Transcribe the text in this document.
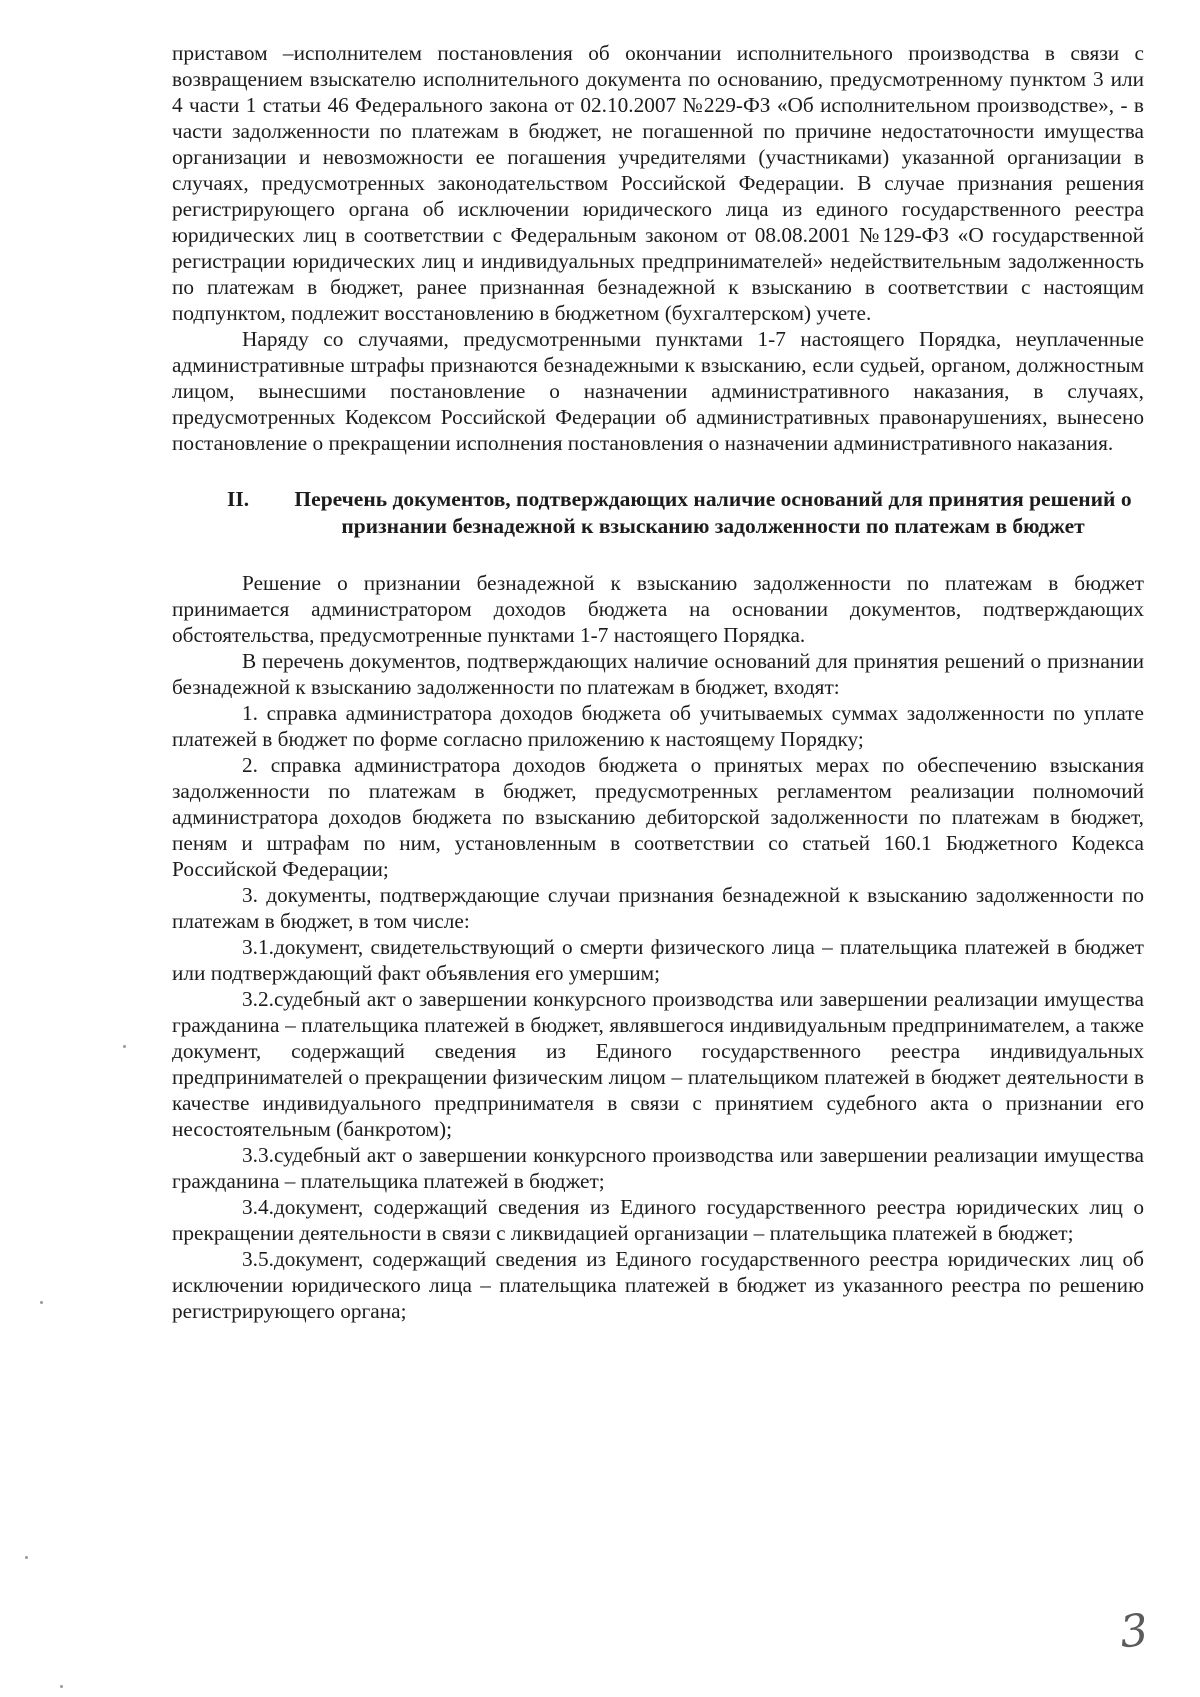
приставом –исполнителем постановления об окончании исполнительного производства в связи с возвращением взыскателю исполнительного документа по основанию, предусмотренному пунктом 3 или 4 части 1 статьи 46 Федерального закона от 02.10.2007 №229-ФЗ «Об исполнительном производстве», - в части задолженности по платежам в бюджет, не погашенной по причине недостаточности имущества организации и невозможности ее погашения учредителями (участниками) указанной организации в случаях, предусмотренных законодательством Российской Федерации. В случае признания решения регистрирующего органа об исключении юридического лица из единого государственного реестра юридических лиц в соответствии с Федеральным законом от 08.08.2001 №129-ФЗ «О государственной регистрации юридических лиц и индивидуальных предпринимателей» недействительным задолженность по платежам в бюджет, ранее признанная безнадежной к взысканию в соответствии с настоящим подпунктом, подлежит восстановлению в бюджетном (бухгалтерском) учете.

Наряду со случаями, предусмотренными пунктами 1-7 настоящего Порядка, неуплаченные административные штрафы признаются безнадежными к взысканию, если судьей, органом, должностным лицом, вынесшими постановление о назначении административного наказания, в случаях, предусмотренных Кодексом Российской Федерации об административных правонарушениях, вынесено постановление о прекращении исполнения постановления о назначении административного наказания.

II. Перечень документов, подтверждающих наличие оснований для принятия решений о признании безнадежной к взысканию задолженности по платежам в бюджет

Решение о признании безнадежной к взысканию задолженности по платежам в бюджет принимается администратором доходов бюджета на основании документов, подтверждающих обстоятельства, предусмотренные пунктами 1-7 настоящего Порядка.

В перечень документов, подтверждающих наличие оснований для принятия решений о признании безнадежной к взысканию задолженности по платежам в бюджет, входят:

1. справка администратора доходов бюджета об учитываемых суммах задолженности по уплате платежей в бюджет по форме согласно приложению к настоящему Порядку;

2. справка администратора доходов бюджета о принятых мерах по обеспечению взыскания задолженности по платежам в бюджет, предусмотренных регламентом реализации полномочий администратора доходов бюджета по взысканию дебиторской задолженности по платежам в бюджет, пеням и штрафам по ним, установленным в соответствии со статьей 160.1 Бюджетного Кодекса Российской Федерации;

3. документы, подтверждающие случаи признания безнадежной к взысканию задолженности по платежам в бюджет, в том числе:

3.1.документ, свидетельствующий о смерти физического лица – плательщика платежей в бюджет или подтверждающий факт объявления его умершим;

3.2.судебный акт о завершении конкурсного производства или завершении реализации имущества гражданина – плательщика платежей в бюджет, являвшегося индивидуальным предпринимателем, а также документ, содержащий сведения из Единого государственного реестра индивидуальных предпринимателей о прекращении физическим лицом – плательщиком платежей в бюджет деятельности в качестве индивидуального предпринимателя в связи с принятием судебного акта о признании его несостоятельным (банкротом);

3.3.судебный акт о завершении конкурсного производства или завершении реализации имущества гражданина – плательщика платежей в бюджет;

3.4.документ, содержащий сведения из Единого государственного реестра юридических лиц о прекращении деятельности в связи с ликвидацией организации – плательщика платежей в бюджет;

3.5.документ, содержащий сведения из Единого государственного реестра юридических лиц об исключении юридического лица – плательщика платежей в бюджет из указанного реестра по решению регистрирующего органа;

3
